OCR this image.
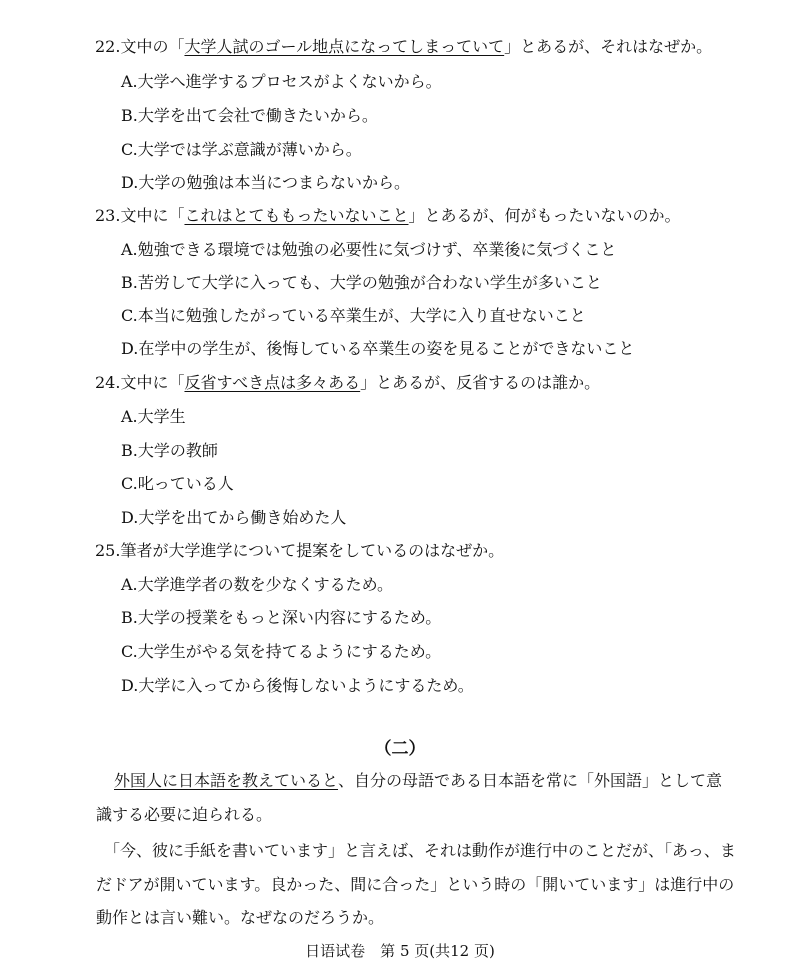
22.文中の「大学人試のゴール地点になってしまっていて」とあるが、それはなぜか。
A.大学へ進学するプロセスがよくないから。
B.大学を出て会社で働きたいから。
C.大学では学ぶ意識が薄いから。
D.大学の勉強は本当につまらないから。
23.文中に「これはとてももったいないこと」とあるが、何がもったいないのか。
A.勉強できる環境では勉強の必要性に気づけず、卒業後に気づくこと
B.苦労して大学に入っても、大学の勉強が合わない学生が多いこと
C.本当に勉強したがっている卒業生が、大学に入り直せないこと
D.在学中の学生が、後悔している卒業生の姿を見ることができないこと
24.文中に「反省すべき点は多々ある」とあるが、反省するのは誰か。
A.大学生
B.大学の教師
C.叱っている人
D.大学を出てから働き始めた人
25.筆者が大学進学について提案をしているのはなぜか。
A.大学進学者の数を少なくするため。
B.大学の授業をもっと深い内容にするため。
C.大学生がやる気を持てるようにするため。
D.大学に入ってから後悔しないようにするため。
（二）
外国人に日本語を教えていると、自分の母語である日本語を常に「外国語」として意
識する必要に迫られる。
「今、彼に手紙を書いています」と言えば、それは動作が進行中のことだが、「あっ、ま
だドアが開いています。良かった、間に合った」という時の「開いています」は進行中の
動作とは言い難い。なぜなのだろうか。
日语试卷　第 5 页(共12 页)
